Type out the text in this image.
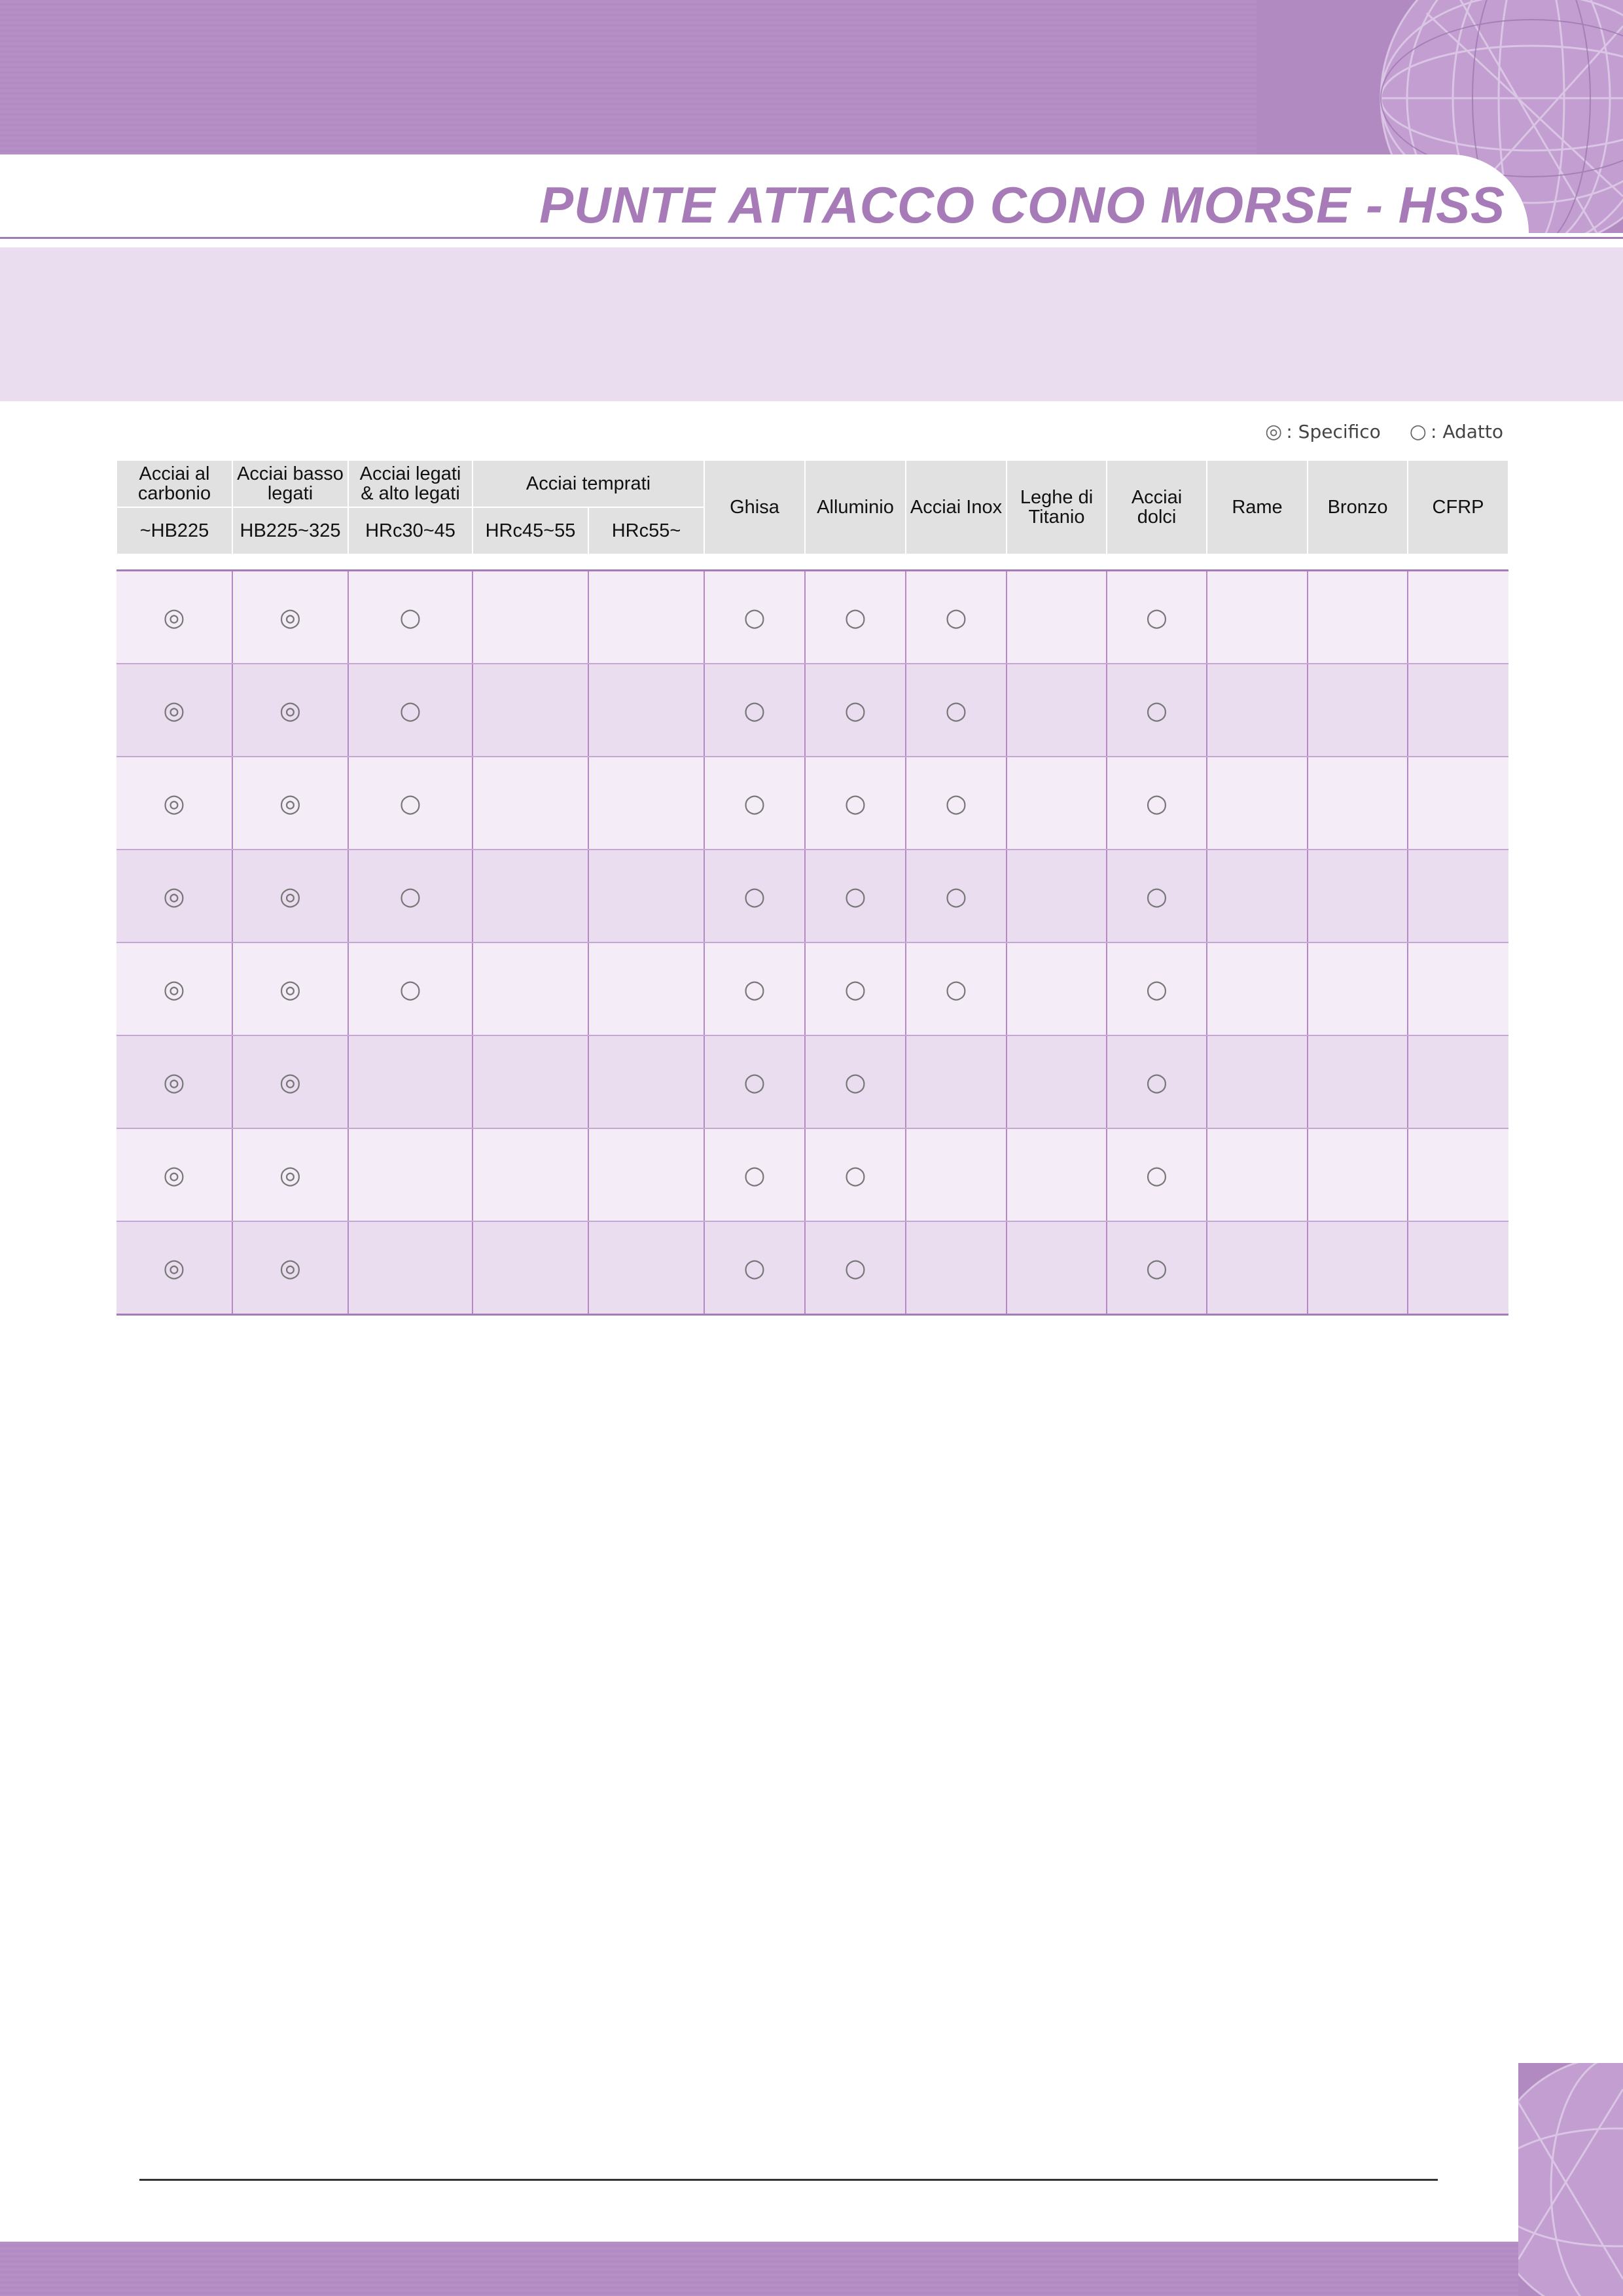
PUNTE ATTACCO CONO MORSE - HSS
◎ : Specifico ○ : Adatto
Acciai al carbonio	Acciai basso legati	Acciai legati & alto legati	Acciai temprati		Ghisa	Alluminio	Acciai Inox	Leghe di Titanio	Acciai dolci	Rame	Bronzo	CFRP
~HB225	HB225~325	HRc30~45	HRc45~55	HRc55~								

◎	◎	○			○	○	○		○			
◎	◎	○			○	○	○		○			
◎	◎	○			○	○	○		○			
◎	◎	○			○	○	○		○			
◎	◎	○			○	○	○		○			
◎	◎				○	○			○			
◎	◎				○	○			○			
◎	◎				○	○			○			
